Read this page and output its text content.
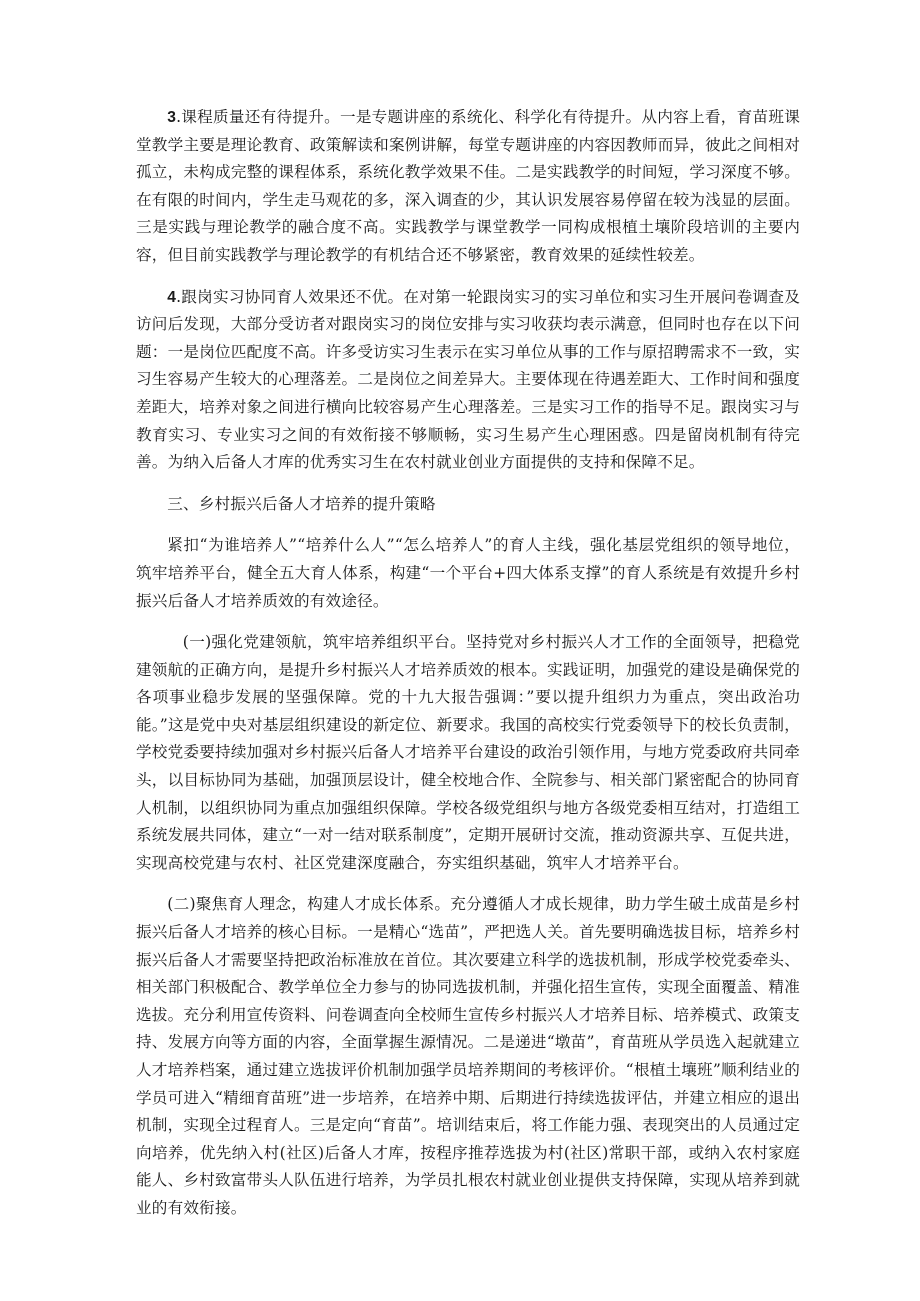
3.课程质量还有待提升。一是专题讲座的系统化、科学化有待提升。从内容上看，育苗班课堂教学主要是理论教育、政策解读和案例讲解，每堂专题讲座的内容因教师而异，彼此之间相对孤立，未构成完整的课程体系，系统化教学效果不佳。二是实践教学的时间短，学习深度不够。在有限的时间内，学生走马观花的多，深入调查的少，其认识发展容易停留在较为浅显的层面。三是实践与理论教学的融合度不高。实践教学与课堂教学一同构成根植土壤阶段培训的主要内容，但目前实践教学与理论教学的有机结合还不够紧密，教育效果的延续性较差。

4.跟岗实习协同育人效果还不优。在对第一轮跟岗实习的实习单位和实习生开展问卷调查及访问后发现，大部分受访者对跟岗实习的岗位安排与实习收获均表示满意，但同时也存在以下问题：一是岗位匹配度不高。许多受访实习生表示在实习单位从事的工作与原招聘需求不一致，实习生容易产生较大的心理落差。二是岗位之间差异大。主要体现在待遇差距大、工作时间和强度差距大，培养对象之间进行横向比较容易产生心理落差。三是实习工作的指导不足。跟岗实习与教育实习、专业实习之间的有效衔接不够顺畅，实习生易产生心理困惑。四是留岗机制有待完善。为纳入后备人才库的优秀实习生在农村就业创业方面提供的支持和保障不足。

三、乡村振兴后备人才培养的提升策略

紧扣“为谁培养人”“培养什么人”“怎么培养人”的育人主线，强化基层党组织的领导地位，筑牢培养平台，健全五大育人体系，构建“一个平台+四大体系支撑”的育人系统是有效提升乡村振兴后备人才培养质效的有效途径。

(一)强化党建领航，筑牢培养组织平台。坚持党对乡村振兴人才工作的全面领导，把稳党建领航的正确方向，是提升乡村振兴人才培养质效的根本。实践证明，加强党的建设是确保党的各项事业稳步发展的坚强保障。党的十九大报告强调：”要以提升组织力为重点，突出政治功能。”这是党中央对基层组织建设的新定位、新要求。我国的高校实行党委领导下的校长负责制，学校党委要持续加强对乡村振兴后备人才培养平台建设的政治引领作用，与地方党委政府共同牵头，以目标协同为基础，加强顶层设计，健全校地合作、全院参与、相关部门紧密配合的协同育人机制，以组织协同为重点加强组织保障。学校各级党组织与地方各级党委相互结对，打造组工系统发展共同体，建立“一对一结对联系制度”，定期开展研讨交流，推动资源共享、互促共进，实现高校党建与农村、社区党建深度融合，夯实组织基础，筑牢人才培养平台。

(二)聚焦育人理念，构建人才成长体系。充分遵循人才成长规律，助力学生破土成苗是乡村振兴后备人才培养的核心目标。一是精心“选苗”，严把选人关。首先要明确选拔目标，培养乡村振兴后备人才需要坚持把政治标准放在首位。其次要建立科学的选拔机制，形成学校党委牵头、相关部门积极配合、教学单位全力参与的协同选拔机制，并强化招生宣传，实现全面覆盖、精准选拔。充分利用宣传资料、问卷调查向全校师生宣传乡村振兴人才培养目标、培养模式、政策支持、发展方向等方面的内容，全面掌握生源情况。二是递进“墩苗”，育苗班从学员选入起就建立人才培养档案，通过建立选拔评价机制加强学员培养期间的考核评价。“根植土壤班”顺利结业的学员可进入“精细育苗班”进一步培养，在培养中期、后期进行持续选拔评估，并建立相应的退出机制，实现全过程育人。三是定向“育苗”。培训结束后，将工作能力强、表现突出的人员通过定向培养，优先纳入村(社区)后备人才库，按程序推荐选拔为村(社区)常职干部，或纳入农村家庭能人、乡村致富带头人队伍进行培养，为学员扎根农村就业创业提供支持保障，实现从培养到就业的有效衔接。
